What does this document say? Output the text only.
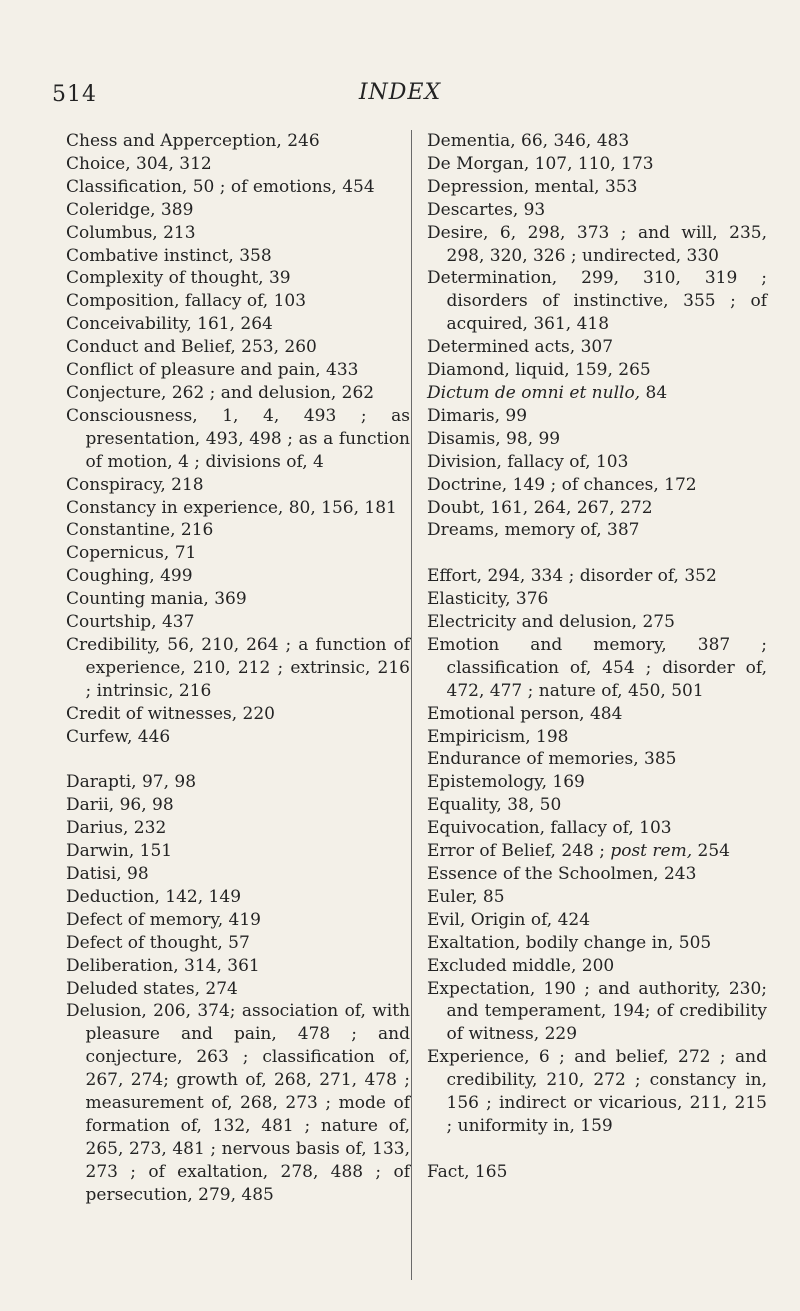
514	INDEX
Chess and Apperception, 246
Choice, 304, 312
Classification, 50 ; of emotions, 454
Coleridge, 389
Columbus, 213
Combative instinct, 358
Complexity of thought, 39
Composition, fallacy of, 103
Conceivability, 161, 264
Conduct and Belief, 253, 260
Conflict of pleasure and pain, 433
Conjecture, 262 ; and delusion, 262
Consciousness, 1, 4, 493 ; as presentation, 493, 498 ; as a function of motion, 4 ; divisions of, 4
Conspiracy, 218
Constancy in experience, 80, 156, 181
Constantine, 216
Copernicus, 71
Coughing, 499
Counting mania, 369
Courtship, 437
Credibility, 56, 210, 264 ; a function of experience, 210, 212 ; extrinsic, 216 ; intrinsic, 216
Credit of witnesses, 220
Curfew, 446
Darapti, 97, 98
Darii, 96, 98
Darius, 232
Darwin, 151
Datisi, 98
Deduction, 142, 149
Defect of memory, 419
Defect of thought, 57
Deliberation, 314, 361
Deluded states, 274
Delusion, 206, 374; association of, with pleasure and pain, 478 ; and conjecture, 263 ; classification of, 267, 274; growth of, 268, 271, 478 ; measurement of, 268, 273 ; mode of formation of, 132, 481 ; nature of, 265, 273, 481 ; nervous basis of, 133, 273 ; of exaltation, 278, 488 ; of persecution, 279, 485
Dementia, 66, 346, 483
De Morgan, 107, 110, 173
Depression, mental, 353
Descartes, 93
Desire, 6, 298, 373 ; and will, 235, 298, 320, 326 ; undirected, 330
Determination, 299, 310, 319 ; disorders of instinctive, 355 ; of acquired, 361, 418
Determined acts, 307
Diamond, liquid, 159, 265
Dictum de omni et nullo, 84
Dimaris, 99
Disamis, 98, 99
Division, fallacy of, 103
Doctrine, 149 ; of chances, 172
Doubt, 161, 264, 267, 272
Dreams, memory of, 387
Effort, 294, 334 ; disorder of, 352
Elasticity, 376
Electricity and delusion, 275
Emotion and memory, 387 ; classification of, 454 ; disorder of, 472, 477 ; nature of, 450, 501
Emotional person, 484
Empiricism, 198
Endurance of memories, 385
Epistemology, 169
Equality, 38, 50
Equivocation, fallacy of, 103
Error of Belief, 248 ; post rem, 254
Essence of the Schoolmen, 243
Euler, 85
Evil, Origin of, 424
Exaltation, bodily change in, 505
Excluded middle, 200
Expectation, 190 ; and authority, 230; and temperament, 194; of credibility of witness, 229
Experience, 6 ; and belief, 272 ; and credibility, 210, 272 ; constancy in, 156 ; indirect or vicarious, 211, 215 ; uniformity in, 159
Fact, 165
